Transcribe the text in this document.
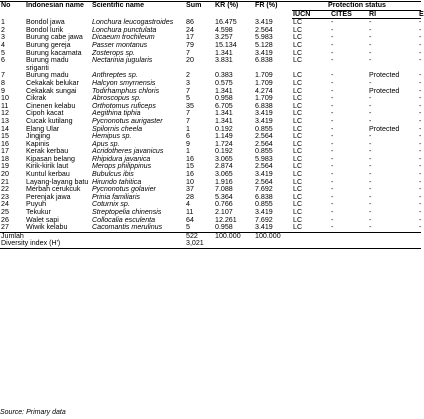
No	Indonesian name	Scientific name	Sum	KR (%)	FR (%)	Protection status			
						IUCN	CITES	RI	E
1	Bondol jawa	Lonchura leucogastroides	86	16.475	3.419	LC	-	-	-
2	Bondol lurik	Lonchura punctulata	24	4.598	2.564	LC	-	-	-
3	Burung cabe jawa	Dicaeum trochileum	17	3.257	5.983	LC	-	-	-
4	Burung gereja	Passer montanus	79	15.134	5.128	LC	-	-	-
5	Burung kacamata	Zosterops sp.	7	1.341	3.419	LC	-	-	-
6	Burung madu sriganti	Nectarinia jugularis	20	3.831	6.838	LC	-	-	-
7	Burung madu	Anthreptes sp.	2	0.383	1.709	LC	-	Protected	-
8	Cekakak belukar	Halcyon smyrnensis	3	0.575	1.709	LC	-	-	-
9	Cekakak sungai	Todirhamphus chloris	7	1.341	4.274	LC	-	Protected	-
10	Cikrak	Abroscopus sp.	5	0.958	1.709	LC	-	-	-
11	Cinenen kelabu	Orthotomus ruficeps	35	6.705	6.838	LC	-	-	-
12	Cipoh kacat	Aegithina tiphia	7	1.341	3.419	LC	-	-	-
13	Cucak kutilang	Pycnonotus aurigaster	7	1.341	3.419	LC	-	-	-
14	Elang Ular	Spilornis cheela	1	0.192	0.855	LC	-	Protected	-
15	Jingjing	Hemipus sp.	6	1.149	2.564	LC	-	-	-
16	Kapinis	Apus sp.	9	1.724	2.564	LC	-	-	-
17	Kerak kerbau	Acridotheres javanicus	1	0.192	0.855	LC	-	-	-
18	Kipasan belang	Rhipidura javanica	16	3.065	5.983	LC	-	-	-
19	Kirik-kirik laut	Merops philippinus	15	2.874	2.564	LC	-	-	-
20	Kuntul kerbau	Bubulcus ibis	16	3.065	3.419	LC	-	-	-
21	Layang-layang batu	Hirundo tahitica	10	1.916	2.564	LC	-	-	-
22	Merbah cerukcuk	Pycnonotus golavier	37	7.088	7.692	LC	-	-	-
23	Perenjak jawa	Prinia familiaris	28	5.364	6.838	LC	-	-	-
24	Puyuh	Coturnix sp.	4	0.766	0.855	LC	-	-	-
25	Tekukur	Streptopelia chinensis	11	2.107	3.419	LC	-	-	-
26	Walet sapi	Collocalia esculenta	64	12.261	7.692	LC	-	-	-
27	Wiwik kelabu	Cacomantis merulinus	5	0.958	3.419	LC	-	-	-
Jumlah			522	100.000	100.000				
Diversity index (H')			3,021						
Source: Primary data
